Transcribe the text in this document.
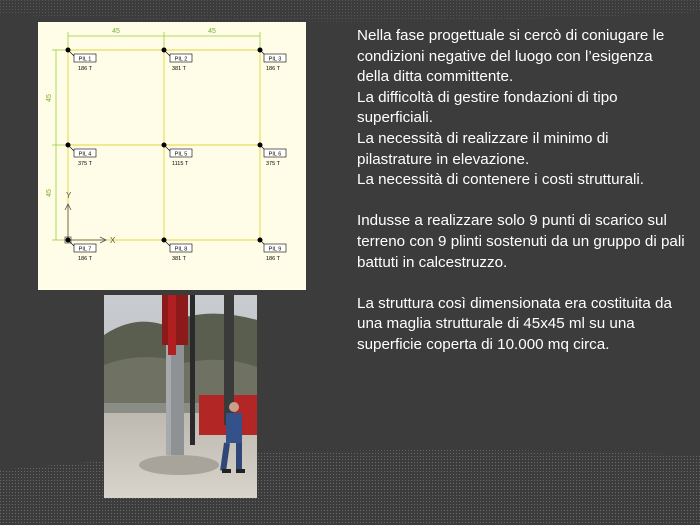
45	45
45
45 Y
X
PIL 1
186 T
PIL 2
381 T
PIL 3
186 T
PIL 4
375 T
PIL 5
1115 T
PIL 6
375 T
PIL 7
186 T
PIL 8
381 T
PIL 9
186 T

Nella fase progettuale si cercò di coniugare le condizioni negative del luogo con l’esigenza della ditta committente.

La difficoltà di gestire fondazioni di tipo superficiali.

La necessità di realizzare il minimo di pilastrature in elevazione.

La necessità di contenere i costi strutturali.

Indusse a realizzare solo 9 punti di scarico sul terreno con 9 plinti sostenuti da un gruppo di pali battuti in calcestruzzo.

La struttura così dimensionata era costituita da una maglia strutturale di 45x45 ml su una superficie coperta di 10.000 mq circa.
